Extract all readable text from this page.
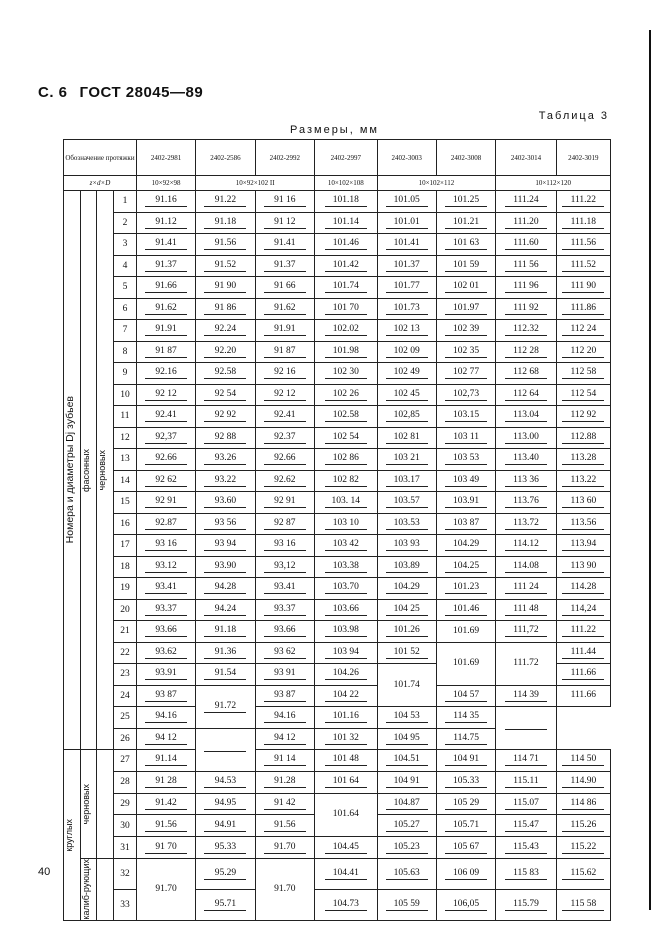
С. 6 ГОСТ 28045—89
Таблица 3
Размеры, мм
Обозначение протяжки				2402-2981	2402-2586	2402-2992	2402-2997	2402-3003	2402-3008	2402-3014	2402-3019
z×d×D				10×92×98	10×92×102 II		10×102×108	10×102×112		10×112×120	

Номера и диаметры Dj зубьев	фасонных	черновых	1	91.16	91.22	91 16	101.18	101.05	101.25	111.24	111.22
			2	91.12	91.18	91 12	101.14	101.01	101.21	111.20	111.18
			3	91.41	91.56	91.41	101.46	101.41	101 63	111.60	111.56
			4	91.37	91.52	91.37	101.42	101.37	101 59	111 56	111.52
			5	91.66	91 90	91 66	101.74	101.77	102 01	111 96	111 90
			6	91.62	91 86	91.62	101 70	101.73	101.97	111 92	111.86
			7	91.91	92.24	91.91	102.02	102 13	102 39	112.32	112 24
			8	91 87	92.20	91 87	101.98	102 09	102 35	112 28	112 20
			9	92.16	92.58	92 16	102 30	102 49	102 77	112 68	112 58
			10	92 12	92 54	92 12	102 26	102 45	102,73	112 64	112 54
			11	92.41	92 92	92.41	102.58	102,85	103.15	113.04	112 92
			12	92,37	92 88	92.37	102 54	102 81	103 11	113.00	112.88
			13	92.66	93.26	92.66	102 86	103 21	103 53	113.40	113.28
			14	92 62	93.22	92.62	102 82	103.17	103 49	113 36	113.22
			15	92 91	93.60	92 91	103. 14	103.57	103.91	113.76	113 60
			16	92.87	93 56	92 87	103 10	103.53	103 87	113.72	113.56
			17	93 16	93 94	93 16	103 42	103 93	104.29	114.12	113.94
			18	93.12	93.90	93,12	103.38	103.89	104.25	114.08	113 90
			19	93.41	94.28	93.41	103.70	104.29	101.23	111 24	114.28
			20	93.37	94.24	93.37	103.66	104 25	101.46	111 48	114,24
			21	93.66	91.18	93.66	103.98	101.26	101.69	111,72	111.22
			22	93.62	91.36	93 62	103 94	101 52	101.69	111.72	111.44
			23	93.91	91.54	93 91	104.26	101.74			111.66
			24	93 87	91.72	93 87	104 22		104 57	114 39	111.66
			25	94.16		94.16	101.16	104 53	114 35		
			26	94 12		94 12	101 32	104 95	114.75		

круглых	черновых		27	91.14		91 14	101 48	104.51	104 91	114 71	114 50
			28	91 28	94.53	91.28	101 64	104 91	105.33	115.11	114.90
			29	91.42	94.95	91 42	101.64	104.87	105 29	115.07	114 86
			30	91.56	94.91	91.56		105.27	105.71	115.47	115.26
			31	91 70	95.33	91.70	104.45	105.23	105 67	115.43	115.22

	калиб-рующих		32	91.70	95.29	91.70	104.41	105.63	106 09	115 83	115.62
			33		95.71		104.73	105 59	106,05	115.79	115 58
40
